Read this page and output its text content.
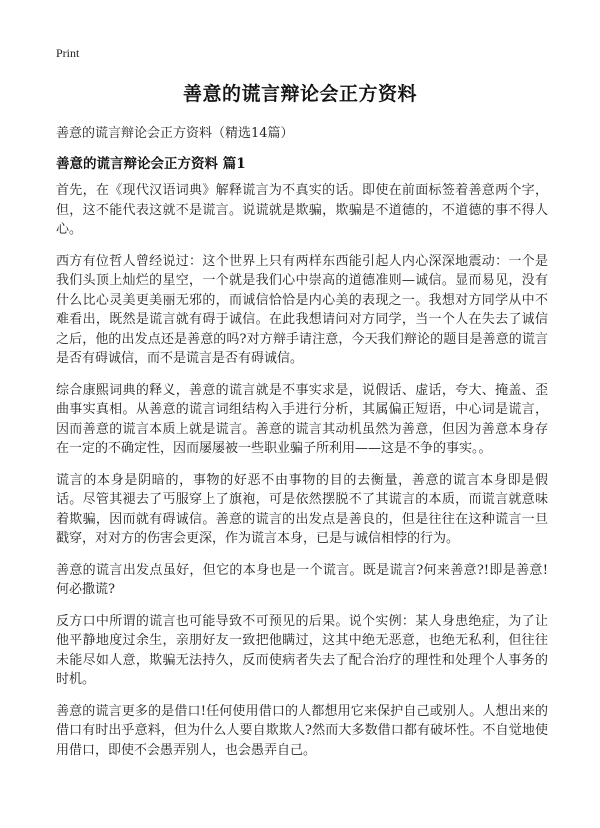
Print
善意的谎言辩论会正方资料
善意的谎言辩论会正方资料（精选14篇）
善意的谎言辩论会正方资料 篇1

首先，在《现代汉语词典》解释谎言为不真实的话。即使在前面标签着善意两个字，但，这不能代表这就不是谎言。说谎就是欺骗，欺骗是不道德的，不道德的事不得人心。

西方有位哲人曾经说过：这个世界上只有两样东西能引起人内心深深地震动：一个是我们头顶上灿烂的星空，一个就是我们心中崇高的道德准则—诚信。显而易见，没有什么比心灵美更美丽无邪的，而诚信恰恰是内心美的表现之一。我想对方同学从中不难看出，既然是谎言就有碍于诚信。在此我想请问对方同学，当一个人在失去了诚信之后，他的出发点还是善意的吗?对方辩手请注意，今天我们辩论的题目是善意的谎言是否有碍诚信，而不是谎言是否有碍诚信。

综合康熙词典的释义，善意的谎言就是不事实求是，说假话、虚话，夸大、掩盖、歪曲事实真相。从善意的谎言词组结构入手进行分析，其属偏正短语，中心词是谎言，因而善意的谎言本质上就是谎言。善意的谎言其动机虽然为善意，但因为善意本身存在一定的不确定性，因而屡屡被一些职业骗子所利用——这是不争的事实。。

谎言的本身是阴暗的，事物的好恶不由事物的目的去衡量，善意的谎言本身即是假话。尽管其褪去了丐服穿上了旗袍，可是依然摆脱不了其谎言的本质，而谎言就意味着欺骗，因而就有碍诚信。善意的谎言的出发点是善良的，但是往往在这种谎言一旦戳穿，对对方的伤害会更深，作为谎言本身，已是与诚信相悖的行为。

善意的谎言出发点虽好，但它的本身也是一个谎言。既是谎言?何来善意?!即是善意!何必撒谎?

反方口中所谓的谎言也可能导致不可预见的后果。说个实例：某人身患绝症，为了让他平静地度过余生，亲朋好友一致把他瞒过，这其中绝无恶意，也绝无私利，但往往未能尽如人意，欺骗无法持久，反而使病者失去了配合治疗的理性和处理个人事务的时机。

善意的谎言更多的是借口!任何使用借口的人都想用它来保护自己或别人。人想出来的借口有时出乎意料，但为什么人要自欺欺人?然而大多数借口都有破坏性。不自觉地使用借口，即使不会愚弄别人，也会愚弄自己。
